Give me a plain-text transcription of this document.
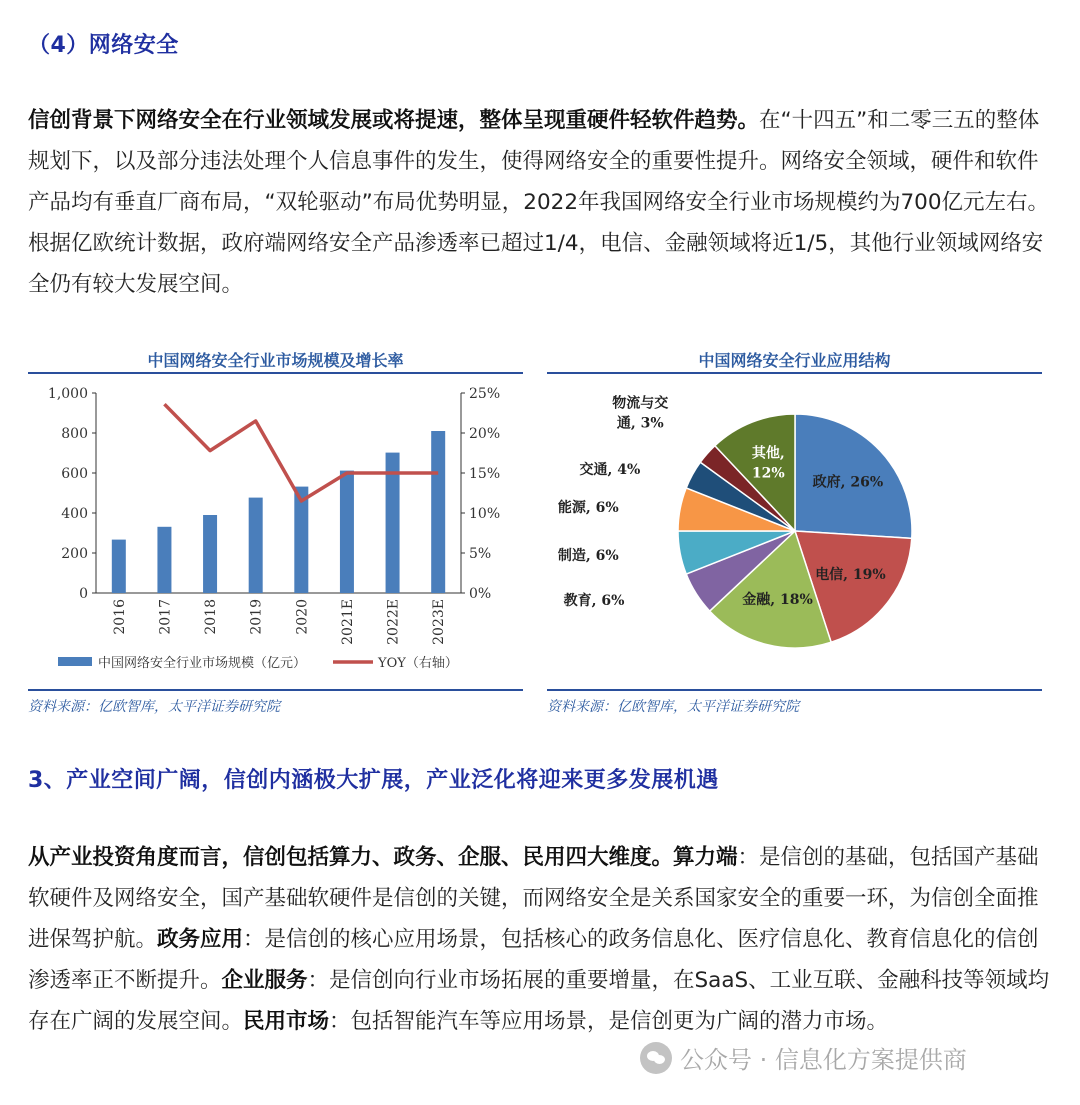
（4）网络安全
信创背景下网络安全在行业领域发展或将提速，整体呈现重硬件轻软件趋势。在“十四五”和二零三五的整体规划下，以及部分违法处理个人信息事件的发生，使得网络安全的重要性提升。网络安全领域，硬件和软件产品均有垂直厂商布局，“双轮驱动”布局优势明显，2022年我国网络安全行业市场规模约为700亿元左右。根据亿欧统计数据，政府端网络安全产品渗透率已超过1/4，电信、金融领域将近1/5，其他行业领域网络安全仍有较大发展空间。
中国网络安全行业市场规模及增长率
0
200
400
600
800
1,000
0%
5%
10%
15%
20%
25%
2016 2017 2018 2019 2020 2021E 2022E 2023E
中国网络安全行业市场规模（亿元）	YOY（右轴）
资料来源：亿欧智库，太平洋证券研究院
中国网络安全行业应用结构
政府, 26%
电信, 19%
金融, 18%
教育, 6%
制造, 6%
能源, 6%
交通, 4%
物流与交通, 3%
其他, 12%
资料来源：亿欧智库，太平洋证券研究院
3、产业空间广阔，信创内涵极大扩展，产业泛化将迎来更多发展机遇
从产业投资角度而言，信创包括算力、政务、企服、民用四大维度。算力端：是信创的基础，包括国产基础软硬件及网络安全，国产基础软硬件是信创的关键，而网络安全是关系国家安全的重要一环，为信创全面推进保驾护航。政务应用：是信创的核心应用场景，包括核心的政务信息化、医疗信息化、教育信息化的信创渗透率正不断提升。企业服务：是信创向行业市场拓展的重要增量，在SaaS、工业互联、金融科技等领域均存在广阔的发展空间。民用市场：包括智能汽车等应用场景，是信创更为广阔的潜力市场。
公众号 · 信息化方案提供商
